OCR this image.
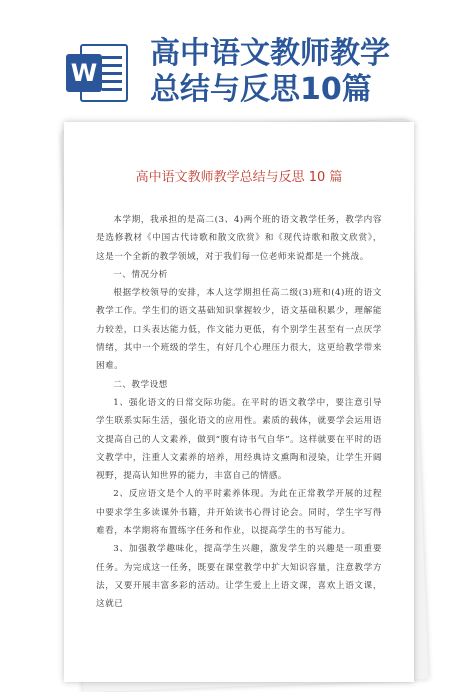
W
高中语文教师教学
总结与反思10篇
高中语文教师教学总结与反思 10 篇

本学期，我承担的是高二(3、4)两个班的语文教学任务，教学内容是选修教材《中国古代诗歌和散文欣赏》和《现代诗歌和散文欣赏》，这是一个全新的教学领域，对于我们每一位老师来说都是一个挑战。

一、情况分析

根据学校领导的安排，本人这学期担任高二级(3)班和(4)班的语文教学工作。学生们的语文基础知识掌握较少，语文基础积累少，理解能力较差，口头表达能力低，作文能力更低，有个别学生甚至有一点厌学情绪，其中一个班级的学生，有好几个心理压力很大，这更给教学带来困难。

二、教学设想

1、强化语文的日常交际功能。在平时的语文教学中，要注意引导学生联系实际生活，强化语文的应用性。素质的载体，就要学会运用语文提高自己的人文素养，做到“腹有诗书气自华”。这样就要在平时的语文教学中，注重人文素养的培养，用经典诗文熏陶和浸染，让学生开阔视野，提高认知世界的能力，丰富自己的情感。

2、反应语文是个人的平时素养体现。为此在正常教学开展的过程中要求学生多读课外书籍，并开始读书心得讨论会。同时，学生字写得难看，本学期将布置练字任务和作业，以提高学生的书写能力。

3、加强教学趣味化，提高学生兴趣，激发学生的兴趣是一项重要任务。为完成这一任务，既要在课堂教学中扩大知识容量，注意教学方法，又要开展丰富多彩的活动。让学生爱上上语文课，喜欢上语文课，这就已
